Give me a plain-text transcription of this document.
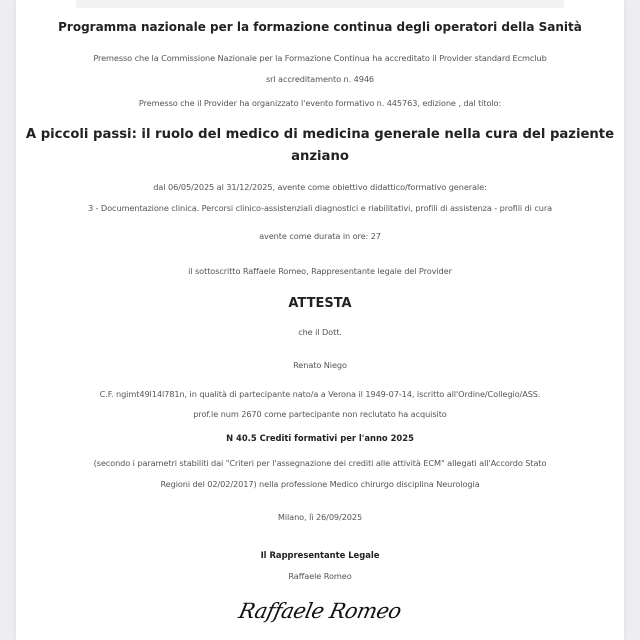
Programma nazionale per la formazione continua degli operatori della Sanità
Premesso che la Commissione Nazionale per la Formazione Continua ha accreditato il Provider standard Ecmclub
srl accreditamento n. 4946
Premesso che il Provider ha organizzato l'evento formativo n. 445763, edizione , dal titolo:
A piccoli passi: il ruolo del medico di medicina generale nella cura del paziente
anziano
dal 06/05/2025 al 31/12/2025, avente come obiettivo didattico/formativo generale:
3 - Documentazione clinica. Percorsi clinico-assistenziali diagnostici e riabilitativi, profili di assistenza - profili di cura
avente come durata in ore: 27
il sottoscritto Raffaele Romeo, Rappresentante legale del Provider
ATTESTA
che il Dott.
Renato Niego
C.F. ngimt49l14l781n, in qualità di partecipante nato/a a Verona il 1949-07-14, iscritto all'Ordine/Collegio/ASS.
prof.le num 2670 come partecipante non reclutato ha acquisito
N 40.5 Crediti formativi per l'anno 2025
(secondo i parametri stabiliti dai "Criteri per l'assegnazione dei crediti alle attività ECM" allegati all'Accordo Stato
Regioni del 02/02/2017) nella professione Medico chirurgo disciplina Neurologia
Milano, lì 26/09/2025
Il Rappresentante Legale
Raffaele Romeo
Raffaele Romeo
